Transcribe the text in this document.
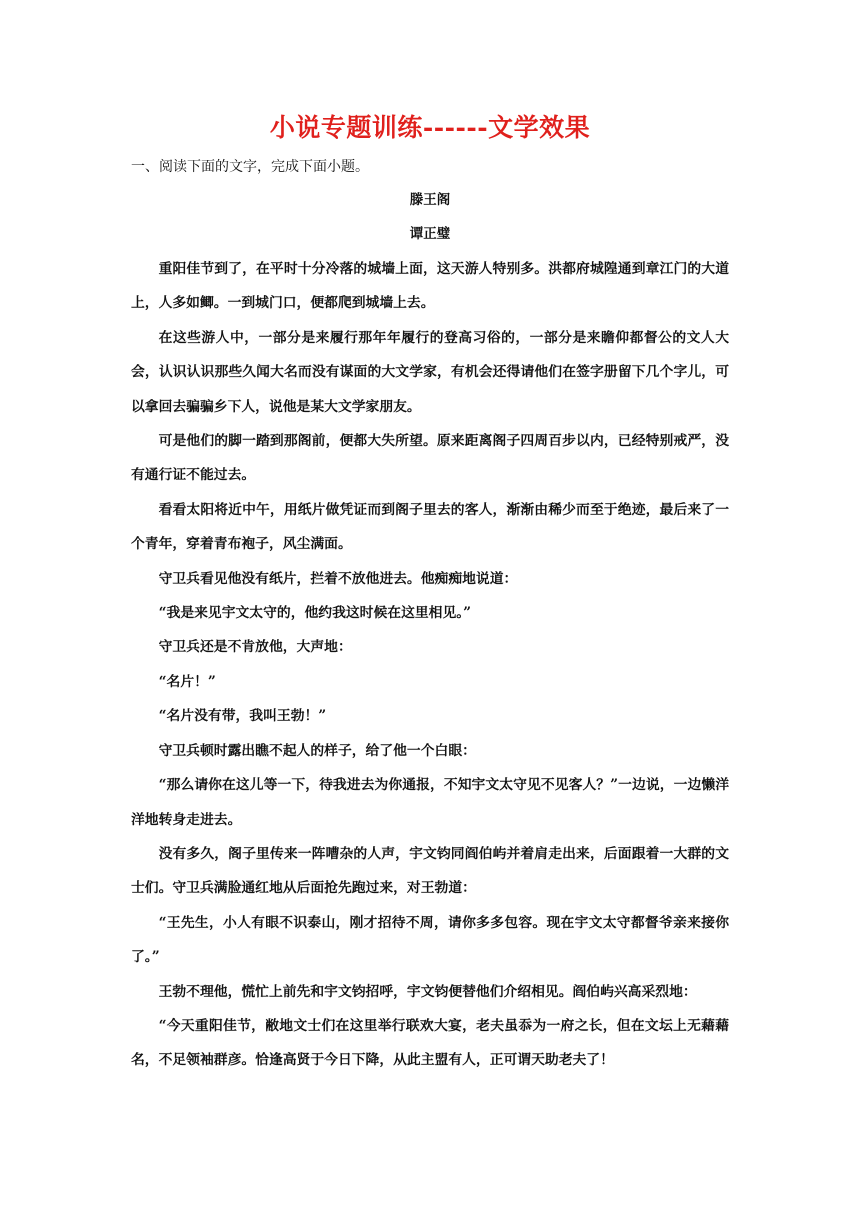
小说专题训练------文学效果
一、阅读下面的文字，完成下面小题。
滕王阁
谭正璧

重阳佳节到了，在平时十分冷落的城墙上面，这天游人特别多。洪都府城隍通到章江门的大道上，人多如鲫。一到城门口，便都爬到城墙上去。

在这些游人中，一部分是来履行那年年履行的登高习俗的，一部分是来瞻仰都督公的文人大会，认识认识那些久闻大名而没有谋面的大文学家，有机会还得请他们在签字册留下几个字儿，可以拿回去骗骗乡下人，说他是某大文学家朋友。

可是他们的脚一踏到那阁前，便都大失所望。原来距离阁子四周百步以内，已经特别戒严，没有通行证不能过去。

看看太阳将近中午，用纸片做凭证而到阁子里去的客人，渐渐由稀少而至于绝迹，最后来了一个青年，穿着青布袍子，风尘满面。

守卫兵看见他没有纸片，拦着不放他进去。他痴痴地说道：

“我是来见宇文太守的，他约我这时候在这里相见。”

守卫兵还是不肯放他，大声地：

“名片！”

“名片没有带，我叫王勃！”

守卫兵顿时露出瞧不起人的样子，给了他一个白眼：

“那么请你在这儿等一下，待我进去为你通报，不知宇文太守见不见客人？”一边说，一边懒洋洋地转身走进去。

没有多久，阁子里传来一阵嘈杂的人声，宇文钧同阎伯屿并着肩走出来，后面跟着一大群的文士们。守卫兵满脸通红地从后面抢先跑过来，对王勃道：

“王先生，小人有眼不识泰山，刚才招待不周，请你多多包容。现在宇文太守都督爷亲来接你了。”

王勃不理他，慌忙上前先和宇文钧招呼，宇文钧便替他们介绍相见。阎伯屿兴高采烈地：

“今天重阳佳节，敝地文士们在这里举行联欢大宴，老夫虽忝为一府之长，但在文坛上无藉藉名，不足领袖群彦。恰逢高贤于今日下降，从此主盟有人，正可谓天助老夫了！
